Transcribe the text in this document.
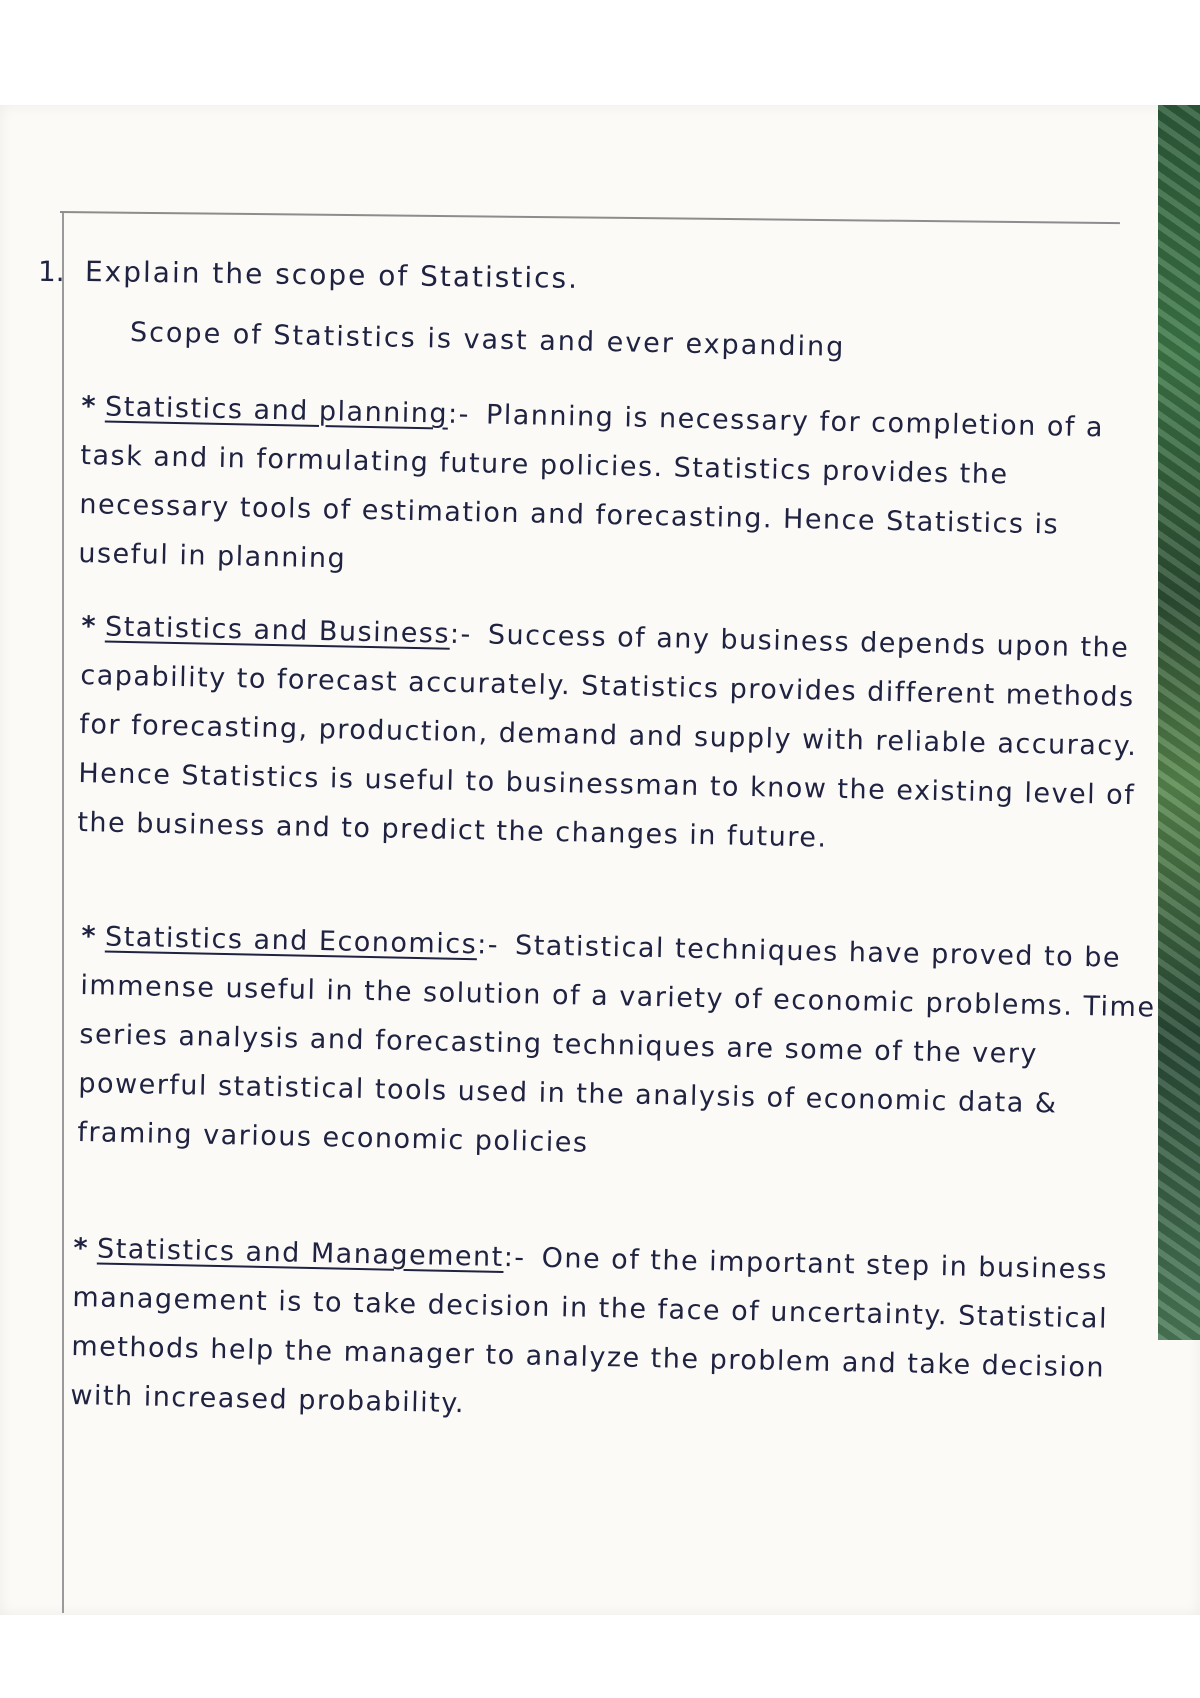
1. Explain the scope of Statistics.
Scope of Statistics is vast and ever expanding
* Statistics and planning:- Planning is necessary for completion of a task and in formulating future policies. Statistics provides the necessary tools of estimation and forecasting. Hence Statistics is useful in planning
* Statistics and Business:- Success of any business depends upon the capability to forecast accurately. Statistics provides different methods for forecasting, production, demand and supply with reliable accuracy. Hence Statistics is useful to businessman to know the existing level of the business and to predict the changes in future.
* Statistics and Economics:- Statistical techniques have proved to be immense useful in the solution of a variety of economic problems. Time series analysis and forecasting techniques are some of the very powerful statistical tools used in the analysis of economic data & framing various economic policies
* Statistics and Management:- One of the important step in business management is to take decision in the face of uncertainty. Statistical methods help the manager to analyze the problem and take decision with increased probability.
